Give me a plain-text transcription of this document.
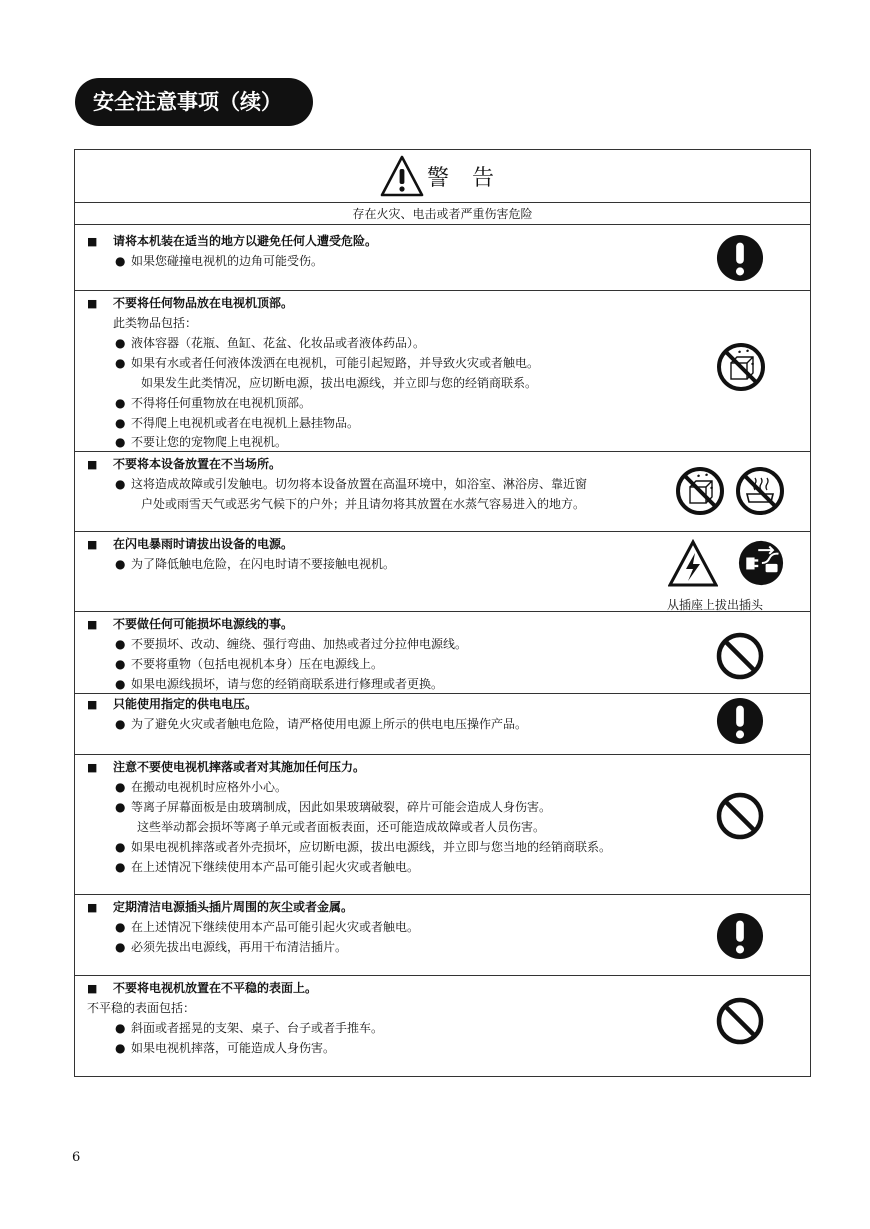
安全注意事项（续）
警 告
存在火灾、电击或者严重伤害危险
■ 请将本机装在适当的地方以避免任何人遭受危险。
● 如果您碰撞电视机的边角可能受伤。
■ 不要将任何物品放在电视机顶部。
此类物品包括：
● 液体容器（花瓶、鱼缸、花盆、化妆品或者液体药品）。
● 如果有水或者任何液体泼洒在电视机，可能引起短路，并导致火灾或者触电。
如果发生此类情况，应切断电源，拔出电源线，并立即与您的经销商联系。
● 不得将任何重物放在电视机顶部。
● 不得爬上电视机或者在电视机上悬挂物品。
● 不要让您的宠物爬上电视机。
■ 不要将本设备放置在不当场所。
● 这将造成故障或引发触电。切勿将本设备放置在高温环境中，如浴室、淋浴房、靠近窗
户处或雨雪天气或恶劣气候下的户外；并且请勿将其放置在水蒸气容易进入的地方。
■ 在闪电暴雨时请拔出设备的电源。
● 为了降低触电危险，在闪电时请不要接触电视机。
从插座上拔出插头
■ 不要做任何可能损坏电源线的事。
● 不要损坏、改动、缠绕、强行弯曲、加热或者过分拉伸电源线。
● 不要将重物（包括电视机本身）压在电源线上。
● 如果电源线损坏，请与您的经销商联系进行修理或者更换。
■ 只能使用指定的供电电压。
● 为了避免火灾或者触电危险，请严格使用电源上所示的供电电压操作产品。
■ 注意不要使电视机摔落或者对其施加任何压力。
● 在搬动电视机时应格外小心。
● 等离子屏幕面板是由玻璃制成，因此如果玻璃破裂，碎片可能会造成人身伤害。
这些举动都会损坏等离子单元或者面板表面，还可能造成故障或者人员伤害。
● 如果电视机摔落或者外壳损坏，应切断电源，拔出电源线，并立即与您当地的经销商联系。
● 在上述情况下继续使用本产品可能引起火灾或者触电。
■ 定期清洁电源插头插片周围的灰尘或者金属。
● 在上述情况下继续使用本产品可能引起火灾或者触电。
● 必须先拔出电源线，再用干布清洁插片。
■ 不要将电视机放置在不平稳的表面上。
不平稳的表面包括：
● 斜面或者摇晃的支架、桌子、台子或者手推车。
● 如果电视机摔落，可能造成人身伤害。
6
